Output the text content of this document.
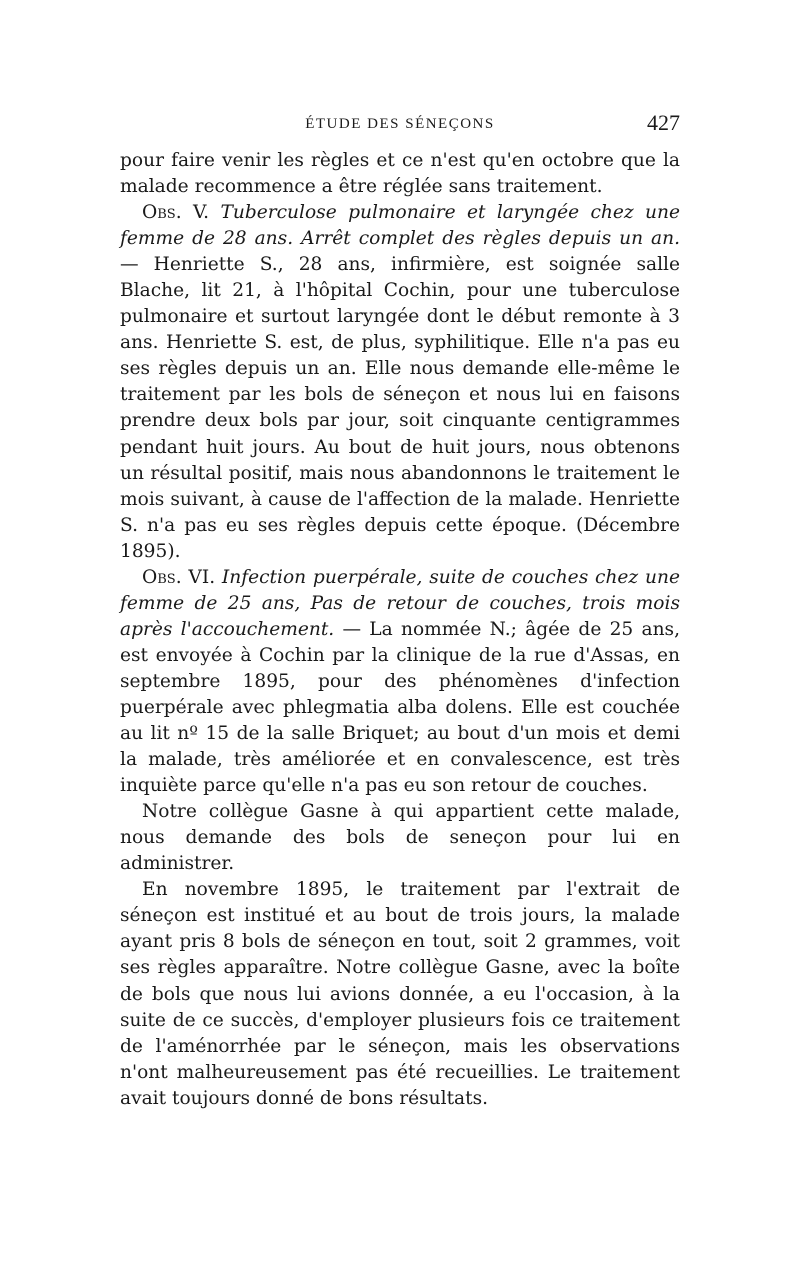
ÉTUDE DES SÉNEÇONS	427

pour faire venir les règles et ce n'est qu'en octobre que la malade recommence a être réglée sans traitement.

Obs. V. Tuberculose pulmonaire et laryngée chez une femme de 28 ans. Arrêt complet des règles depuis un an. — Henriette S., 28 ans, infirmière, est soignée salle Blache, lit 21, à l'hôpital Cochin, pour une tuberculose pulmonaire et surtout laryngée dont le début remonte à 3 ans. Henriette S. est, de plus, syphilitique. Elle n'a pas eu ses règles depuis un an. Elle nous demande elle-même le traitement par les bols de séneçon et nous lui en faisons prendre deux bols par jour, soit cinquante centigrammes pendant huit jours. Au bout de huit jours, nous obtenons un résultal positif, mais nous abandonnons le traitement le mois suivant, à cause de l'affection de la malade. Henriette S. n'a pas eu ses règles depuis cette époque. (Décembre 1895).

Obs. VI. Infection puerpérale, suite de couches chez une femme de 25 ans, Pas de retour de couches, trois mois après l'accouchement. — La nommée N.; âgée de 25 ans, est envoyée à Cochin par la clinique de la rue d'Assas, en septembre 1895, pour des phénomènes d'infection puerpérale avec phlegmatia alba dolens. Elle est couchée au lit nº 15 de la salle Briquet; au bout d'un mois et demi la malade, très améliorée et en convalescence, est très inquiète parce qu'elle n'a pas eu son retour de couches.

Notre collègue Gasne à qui appartient cette malade, nous demande des bols de seneçon pour lui en administrer.

En novembre 1895, le traitement par l'extrait de séneçon est institué et au bout de trois jours, la malade ayant pris 8 bols de séneçon en tout, soit 2 grammes, voit ses règles apparaître. Notre collègue Gasne, avec la boîte de bols que nous lui avions donnée, a eu l'occasion, à la suite de ce succès, d'employer plusieurs fois ce traitement de l'aménorrhée par le séneçon, mais les observations n'ont malheureusement pas été recueillies. Le traitement avait toujours donné de bons résultats.
